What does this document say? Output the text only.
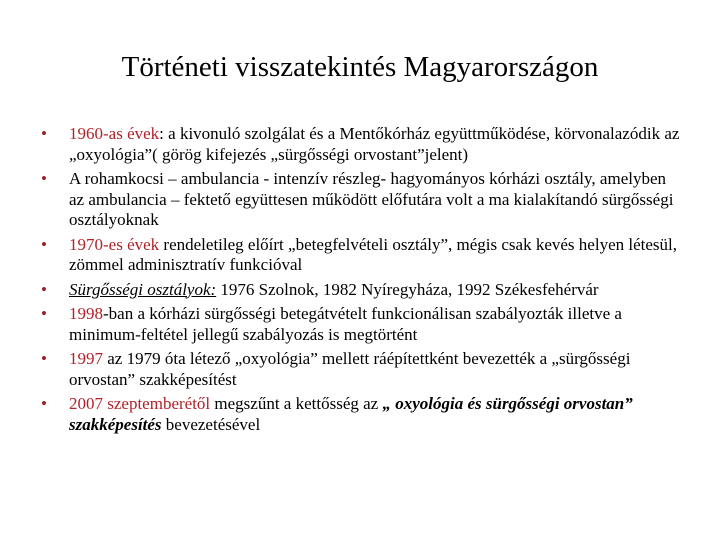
Történeti visszatekintés Magyarországon
• 1960-as évek: a kivonuló szolgálat és a Mentőkórház együttműködése, körvonalazódik az „oxyológia”( görög kifejezés „sürgősségi orvostant”jelent)
• A rohamkocsi – ambulancia - intenzív részleg- hagyományos kórházi osztály, amelyben az ambulancia – fektető együttesen működött előfutára volt a ma kialakítandó sürgősségi osztályoknak
• 1970-es évek rendeletileg előírt „betegfelvételi osztály”, mégis csak kevés helyen létesül, zömmel adminisztratív funkcióval
• Sürgősségi osztályok: 1976 Szolnok, 1982 Nyíregyháza, 1992 Székesfehérvár
• 1998-ban a kórházi sürgősségi betegátvételt funkcionálisan szabályozták illetve a minimum-feltétel jellegű szabályozás is megtörtént
• 1997 az 1979 óta létező „oxyológia” mellett ráépítettként bevezették a „sürgősségi orvostan” szakképesítést
• 2007 szeptemberétől megszűnt a kettősség az „ oxyológia és sürgősségi orvostan” szakképesítés bevezetésével
